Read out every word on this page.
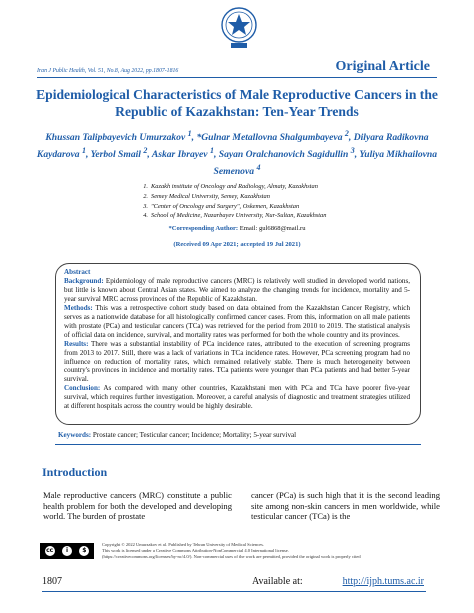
Iran J Public Health, Vol. 51, No.8, Aug 2022, pp.1807-1816	Original Article
Epidemiological Characteristics of Male Reproductive Cancers in the Republic of Kazakhstan: Ten-Year Trends
Khussan Talipbayevich Umurzakov $^1$, *Gulnar Metallovna Shalgumbayeva $^2$, Dilyara Radikovna Kaydarova $^1$, Yerbol Smail $^2$, Askar Ibrayev $^1$, Sayan Oralchanovich Sagidullin $^3$, Yuliya Mikhailovna Semenova $^4$
1. Kazakh institute of Oncology and Radiology, Almaty, Kazakhstan
2. Semey Medical University, Semey, Kazakhstan
3. "Center of Oncology and Surgery", Oskemen, Kazakhstan
4. School of Medicine, Nazarbayev University, Nur-Sultan, Kazakhstan
*Corresponding Author: Email: gul6868@mail.ru
(Received 09 Apr 2021; accepted 19 Jul 2021)

Abstract

Background: Epidemiology of male reproductive cancers (MRC) is relatively well studied in developed world nations, but little is known about Central Asian states. We aimed to analyze the changing trends for incidence, mortality and 5-year survival MRC across provinces of the Republic of Kazakhstan.

Methods: This was a retrospective cohort study based on data obtained from the Kazakhstan Cancer Registry, which serves as a nationwide database for all histologically confirmed cancer cases. From this, information on all male patients with prostate (PCa) and testicular cancers (TCa) was retrieved for the period from 2010 to 2019. The statistical analysis of official data on incidence, survival, and mortality rates was performed for both the whole country and its provinces.

Results: There was a substantial instability of PCa incidence rates, attributed to the execution of screening programs from 2013 to 2017. Still, there was a lack of variations in TCa incidence rates. However, PCa screening program had no influence on reduction of mortality rates, which remained relatively stable. There is much heterogeneity between country's provinces in incidence and mortality rates. TCa patients were younger than PCa patients and had better 5-year survival.

Conclusion: As compared with many other countries, Kazakhstani men with PCa and TCa have poorer five-year survival, which requires further investigation. Moreover, a careful analysis of diagnostic and treatment strategies utilized at different hospitals across the country would be highly desirable.

Keywords: Prostate cancer; Testicular cancer; Incidence; Mortality; 5-year survival
Introduction

Male reproductive cancers (MRC) constitute a public health problem for both the developed and developing world. The burden of prostate

cancer (PCa) is such high that it is the second leading site among non-skin cancers in men worldwide, while testicular cancer (TCa) is the

cc	i	$

Copyright © 2022 Umurzakov et al. Published by Tehran University of Medical Sciences.
This work is licensed under a Creative Commons Attribution-NonCommercial 4.0 International license.
(https://creativecommons.org/licenses/by-nc/4.0/). Non-commercial uses of the work are permitted, provided the original work is properly cited

1807	Available at:	http://ijph.tums.ac.ir
